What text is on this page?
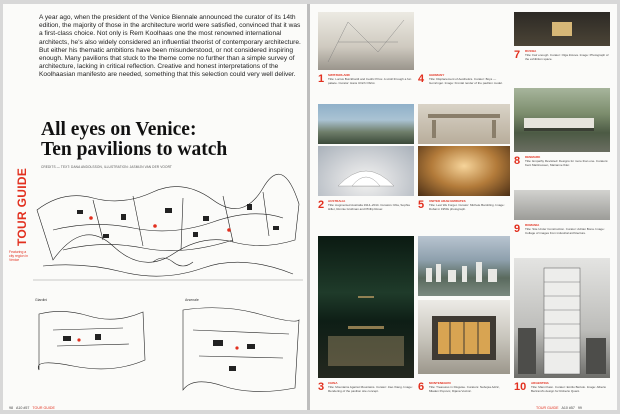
A year ago, when the president of the Venice Biennale announced the curator of its 14th edition, the majority of those in the architecture world were satisfied, convinced that it was a first-class choice. Not only is Rem Koolhaas one the most renowned international architects, he's also widely considered an influential theorist of contemporary architecture. But either his thematic ambitions have been misunderstood, or not considered inspiring enough. Many pavilions that stuck to the theme come no further than a simple survey of architecture, lacking in critical reflection. Creative and honest interpretations of the Koolhaasian manifesto are needed, something that this selection could very well deliver.
All eyes on Venice:
Ten pavilions to watch
CREDITS — TEXT: DANA ANDOLSSON, ILLUSTRATION: JASMIJN VAN DER VOORT
TOUR GUIDE
Featuring a city region in Venice
Giardini	Arsenale
98 A10 #57 TOUR GUIDE
1 SWITZERLAND
Title: Lucius Burckhardt and Cedric Price: A stroll through a fun palace. Curator: Hans Ulrich Obrist.
2 AUSTRALIA
Title: Augmented Australia 1914–2014. Curators: Rita, Sophia Hiller, Ronnie Grollman and Phillip Roser.
3 CHINA
Title: Mountains Against Mountains. Curator: Jiao Xiang. Image: Rendering of the pavilion site concept.
4 GERMANY
Title: Displacement of Aesthetics. Curator: Boys — Gomringer. Image: Frontal render of the pavilion model.
5 UNITED ARAB EMIRATES
Title: Lest We Forget. Curator: Michele Bambling. Image: Dubai in 1950s photograph.
6 MONTENEGRO
Title: Treasures in Disguise. Curators: Nebojsa Adzic, Mladen Popovic, Dijana Vucinic.
7 RUSSIA
Title: Fair enough. Curator: Olga Zotova. Image: Photograph of the exhibition space.
8 DENMARK
Title: Empathy Revisited: Designs for more than one. Curators: Kent Martinussen, Marianne Ibler.
9 ROMANIA
Title: Site Under Construction. Curator: Adrian Bona. Image: Collage of images from industrial architecture.
10 ARGENTINA
Title: Mami Kasn. Curator: Emilio Bertolo. Image: Alberto Bertrand's design for Roberto Quant.
TOUR GUIDE A10 #57 99
